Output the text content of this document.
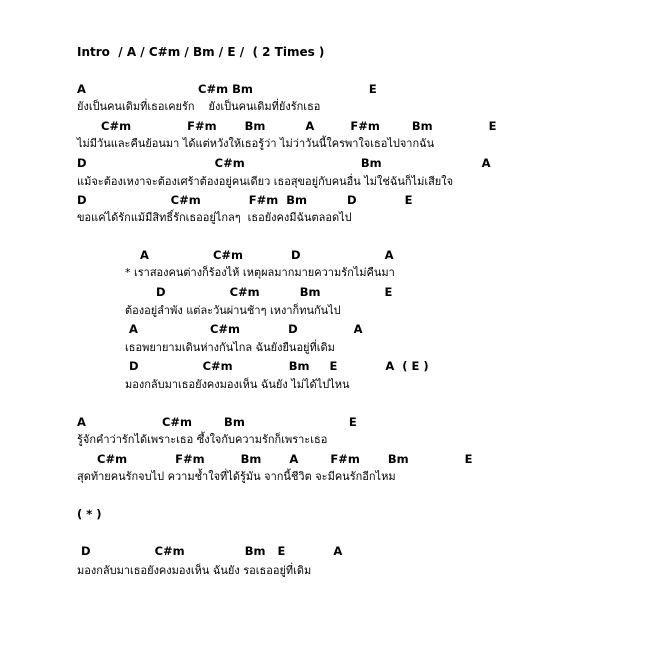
Intro  / A / C#m / Bm / E /  ( 2 Times )
A                            C#m Bm                             E
ยังเป็นคนเดิมที่เธอเคยรัก    ยังเป็นคนเดิมที่ยังรักเธอ
C#m              F#m       Bm          A         F#m        Bm              E
ไม่มีวันและคืนย้อนมา ได้แต่หวังให้เธอรู้ว่า ไม่ว่าวันนี้ใครพาใจเธอไปจากฉัน
D                                C#m                             Bm                         A
แม้จะต้องเหงาจะต้องเศร้าต้องอยู่คนเดียว เธอสุขอยู่กับคนอื่น ไม่ใช่ฉันก็ไม่เสียใจ
D                     C#m            F#m  Bm          D            E
ขอแค่ได้รักแม้มีสิทธิ์รักเธออยู่ไกลๆ  เธอยังคงมีฉันตลอดไป
A                C#m            D                     A
* เราสองคนต่างก็ร้องไห้ เหตุผลมากมายความรักไม่คืนมา
D                C#m          Bm                E
ต้องอยู่ลำพัง แต่ละวันผ่านช้าๆ เหงาก็ทนกันไป
A                  C#m            D              A
เธอพยายามเดินห่างกันไกล ฉันยังยืนอยู่ที่เดิม
D                C#m              Bm     E            A  ( E )
มองกลับมาเธอยังคงมองเห็น ฉันยัง ไม่ได้ไปไหน
A                   C#m        Bm                          E
รู้จักคำว่ารักได้เพราะเธอ ซึ้งใจกับความรักก็เพราะเธอ
C#m            F#m         Bm       A        F#m       Bm              E
สุดท้ายคนรักจบไป ความช้ำใจที่ได้รู้มัน จากนี้ชีวิต จะมีคนรักอีกไหม
( * )
D                C#m               Bm   E            A
มองกลับมาเธอยังคงมองเห็น ฉันยัง รอเธออยู่ที่เดิม
